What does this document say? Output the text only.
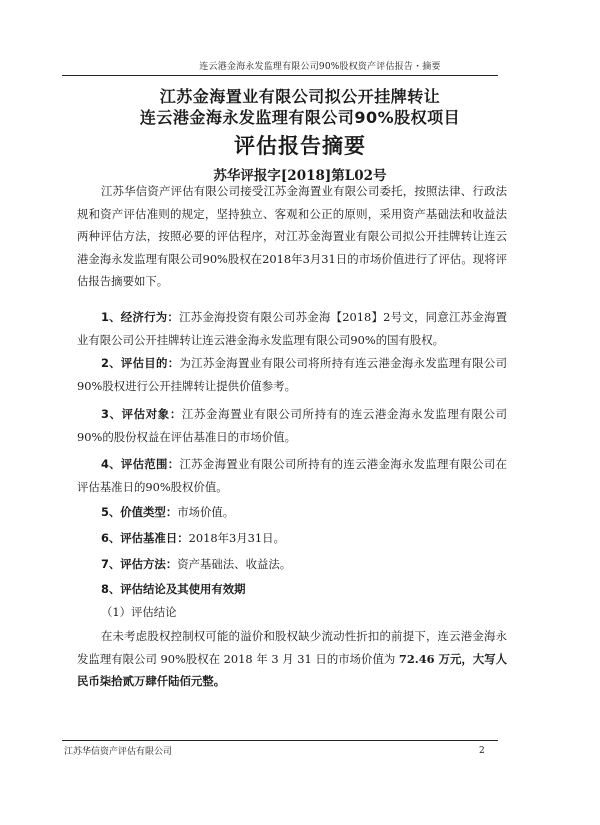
连云港金海永发监理有限公司90%股权资产评估报告・摘要
江苏金海置业有限公司拟公开挂牌转让
连云港金海永发监理有限公司90%股权项目
评估报告摘要
苏华评报字[2018]第L02号
江苏华信资产评估有限公司接受江苏金海置业有限公司委托，按照法律、行政法规和资产评估准则的规定，坚持独立、客观和公正的原则，采用资产基础法和收益法两种评估方法，按照必要的评估程序，对江苏金海置业有限公司拟公开挂牌转让连云港金海永发监理有限公司90%股权在2018年3月31日的市场价值进行了评估。现将评估报告摘要如下。
1、经济行为：江苏金海投资有限公司苏金海【2018】2号文，同意江苏金海置业有限公司公开挂牌转让连云港金海永发监理有限公司90%的国有股权。
2、评估目的：为江苏金海置业有限公司将所持有连云港金海永发监理有限公司90%股权进行公开挂牌转让提供价值参考。
3、评估对象：江苏金海置业有限公司所持有的连云港金海永发监理有限公司90%的股份权益在评估基准日的市场价值。
4、评估范围：江苏金海置业有限公司所持有的连云港金海永发监理有限公司在评估基准日的90%股权价值。
5、价值类型：市场价值。
6、评估基准日：2018年3月31日。
7、评估方法：资产基础法、收益法。
8、评估结论及其使用有效期
（1）评估结论
在未考虑股权控制权可能的溢价和股权缺少流动性折扣的前提下，连云港金海永发监理有限公司 90%股权在 2018 年 3 月 31 日的市场价值为 72.46 万元，大写人民币柒拾贰万肆仟陆佰元整。
江苏华信资产评估有限公司	2
